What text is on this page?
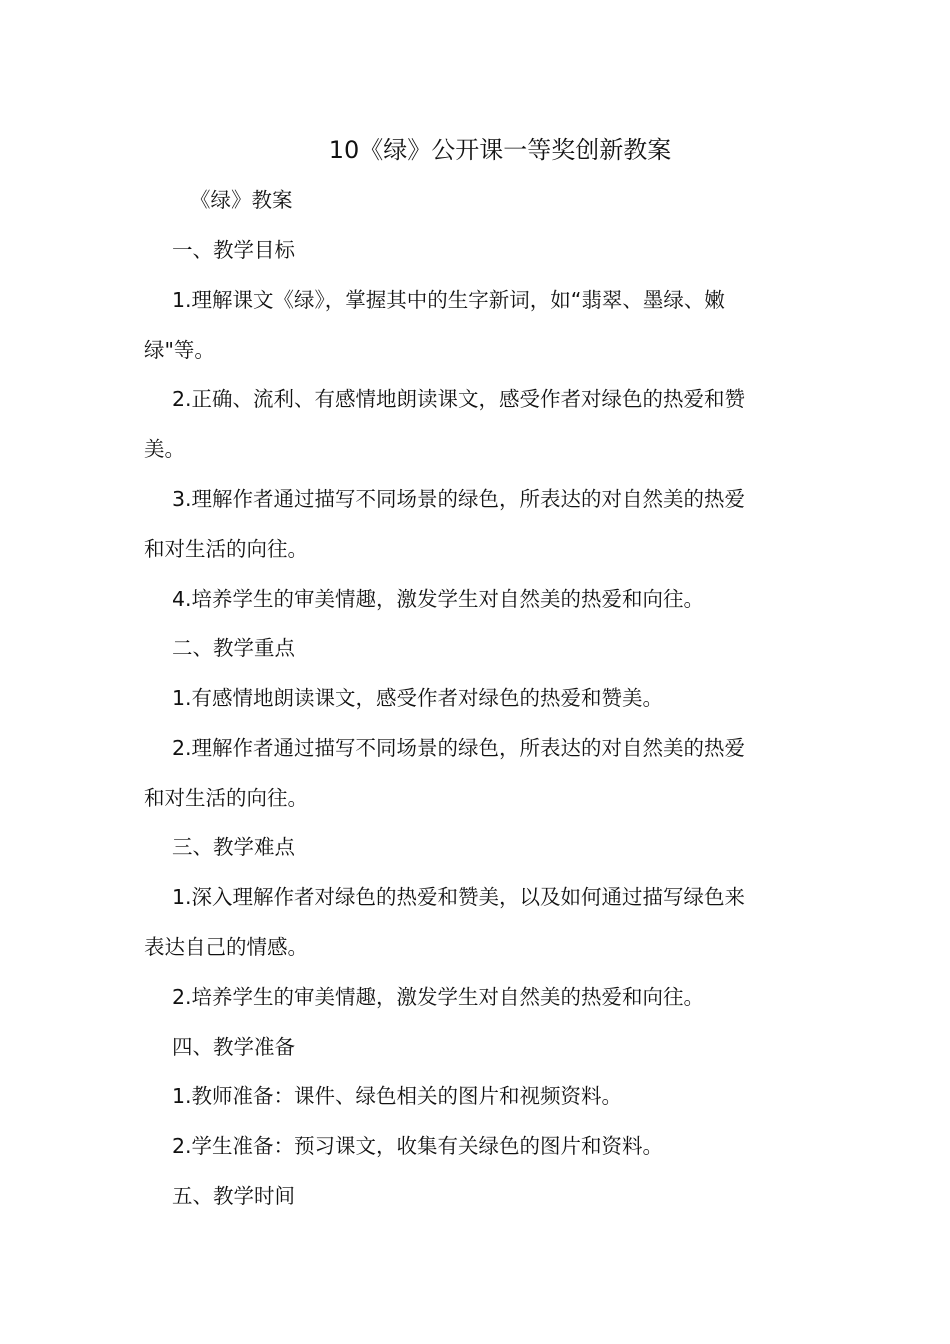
10《绿》公开课一等奖创新教案
《绿》教案
一、教学目标
1.理解课文《绿》，掌握其中的生字新词，如“翡翠、墨绿、嫩
绿"等。
2.正确、流利、有感情地朗读课文，感受作者对绿色的热爱和赞
美。
3.理解作者通过描写不同场景的绿色，所表达的对自然美的热爱
和对生活的向往。
4.培养学生的审美情趣，激发学生对自然美的热爱和向往。
二、教学重点
1.有感情地朗读课文，感受作者对绿色的热爱和赞美。
2.理解作者通过描写不同场景的绿色，所表达的对自然美的热爱
和对生活的向往。
三、教学难点
1.深入理解作者对绿色的热爱和赞美，以及如何通过描写绿色来
表达自己的情感。
2.培养学生的审美情趣，激发学生对自然美的热爱和向往。
四、教学准备
1.教师准备：课件、绿色相关的图片和视频资料。
2.学生准备：预习课文，收集有关绿色的图片和资料。
五、教学时间
